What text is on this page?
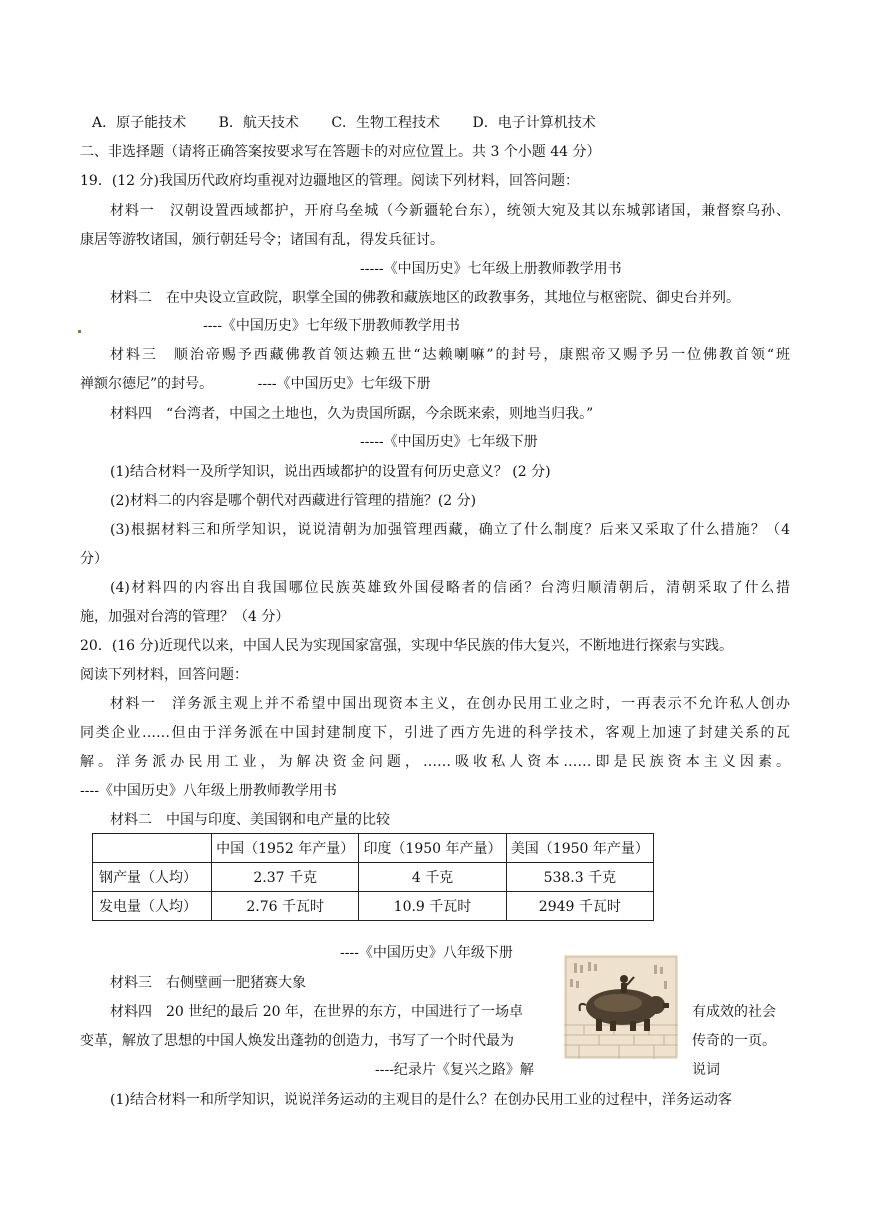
A．原子能技术 B．航天技术 C．生物工程技术 D．电子计算机技术
二、非选择题（请将正确答案按要求写在答题卡的对应位置上。共 3 个小题 44 分）
19．(12 分)我国历代政府均重视对边疆地区的管理。阅读下列材料，回答问题：
材料一　汉朝设置西域都护，开府乌垒城（今新疆轮台东），统领大宛及其以东城郭诸国，兼督察乌孙、
康居等游牧诸国，颁行朝廷号令；诸国有乱，得发兵征讨。
-----《中国历史》七年级上册教师教学用书
材料二　在中央设立宣政院，职掌全国的佛教和藏族地区的政教事务，其地位与枢密院、御史台并列。
----《中国历史》七年级下册教师教学用书
材料三　顺治帝赐予西藏佛教首领达赖五世“达赖喇嘛”的封号，康熙帝又赐予另一位佛教首领“班
禅额尔德尼”的封号。	----《中国历史》七年级下册
材料四　“台湾者，中国之土地也，久为贵国所踞，今余既来索，则地当归我。”
-----《中国历史》七年级下册
(1)结合材料一及所学知识，说出西域都护的设置有何历史意义？ (2 分)
(2)材料二的内容是哪个朝代对西藏进行管理的措施？(2 分)
(3)根据材料三和所学知识，说说清朝为加强管理西藏，确立了什么制度？后来又采取了什么措施？（4
分）
(4)材料四的内容出自我国哪位民族英雄致外国侵略者的信函？台湾归顺清朝后，清朝采取了什么措
施，加强对台湾的管理？（4 分）
20．(16 分)近现代以来，中国人民为实现国家富强，实现中华民族的伟大复兴，不断地进行探索与实践。
阅读下列材料，回答问题：
材料一　洋务派主观上并不希望中国出现资本主义，在创办民用工业之时，一再表示不允许私人创办
同类企业……但由于洋务派在中国封建制度下，引进了西方先进的科学技术，客观上加速了封建关系的瓦
解。洋务派办民用工业，为解决资金问题，……吸收私人资本……即是民族资本主义因素。
----《中国历史》八年级上册教师教学用书
材料二　中国与印度、美国钢和电产量的比较
	中国（1952 年产量）	印度（1950 年产量）	美国（1950 年产量）
钢产量（人均）	2.37 千克	4 千克	538.3 千克
发电量（人均）	2.76 千瓦时	10.9 千瓦时	2949 千瓦时
----《中国历史》八年级下册
材料三　右侧壁画一肥猪赛大象
材料四　20 世纪的最后 20 年，在世界的东方，中国进行了一场卓	有成效的社会
变革，解放了思想的中国人焕发出蓬勃的创造力，书写了一个时代最为	传奇的一页。
----纪录片《复兴之路》解	说词
(1)结合材料一和所学知识，说说洋务运动的主观目的是什么？在创办民用工业的过程中，洋务运动客
